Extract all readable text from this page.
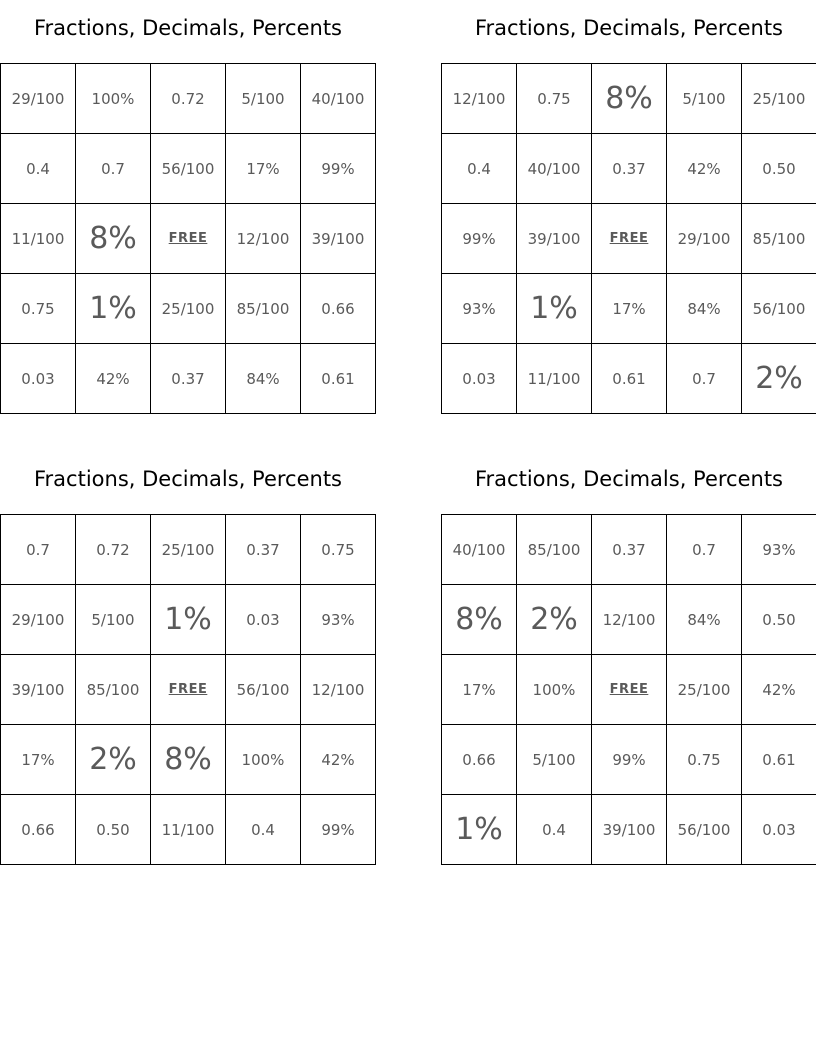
Fractions, Decimals, Percents
29/100	100%	0.72	5/100	40/100
0.4	0.7	56/100	17%	99%
11/100	8%	FREE	12/100	39/100
0.75	1%	25/100	85/100	0.66
0.03	42%	0.37	84%	0.61
Fractions, Decimals, Percents
12/100	0.75	8%	5/100	25/100
0.4	40/100	0.37	42%	0.50
99%	39/100	FREE	29/100	85/100
93%	1%	17%	84%	56/100
0.03	11/100	0.61	0.7	2%
Fractions, Decimals, Percents
0.7	0.72	25/100	0.37	0.75
29/100	5/100	1%	0.03	93%
39/100	85/100	FREE	56/100	12/100
17%	2%	8%	100%	42%
0.66	0.50	11/100	0.4	99%
Fractions, Decimals, Percents
40/100	85/100	0.37	0.7	93%
8%	2%	12/100	84%	0.50
17%	100%	FREE	25/100	42%
0.66	5/100	99%	0.75	0.61
1%	0.4	39/100	56/100	0.03
